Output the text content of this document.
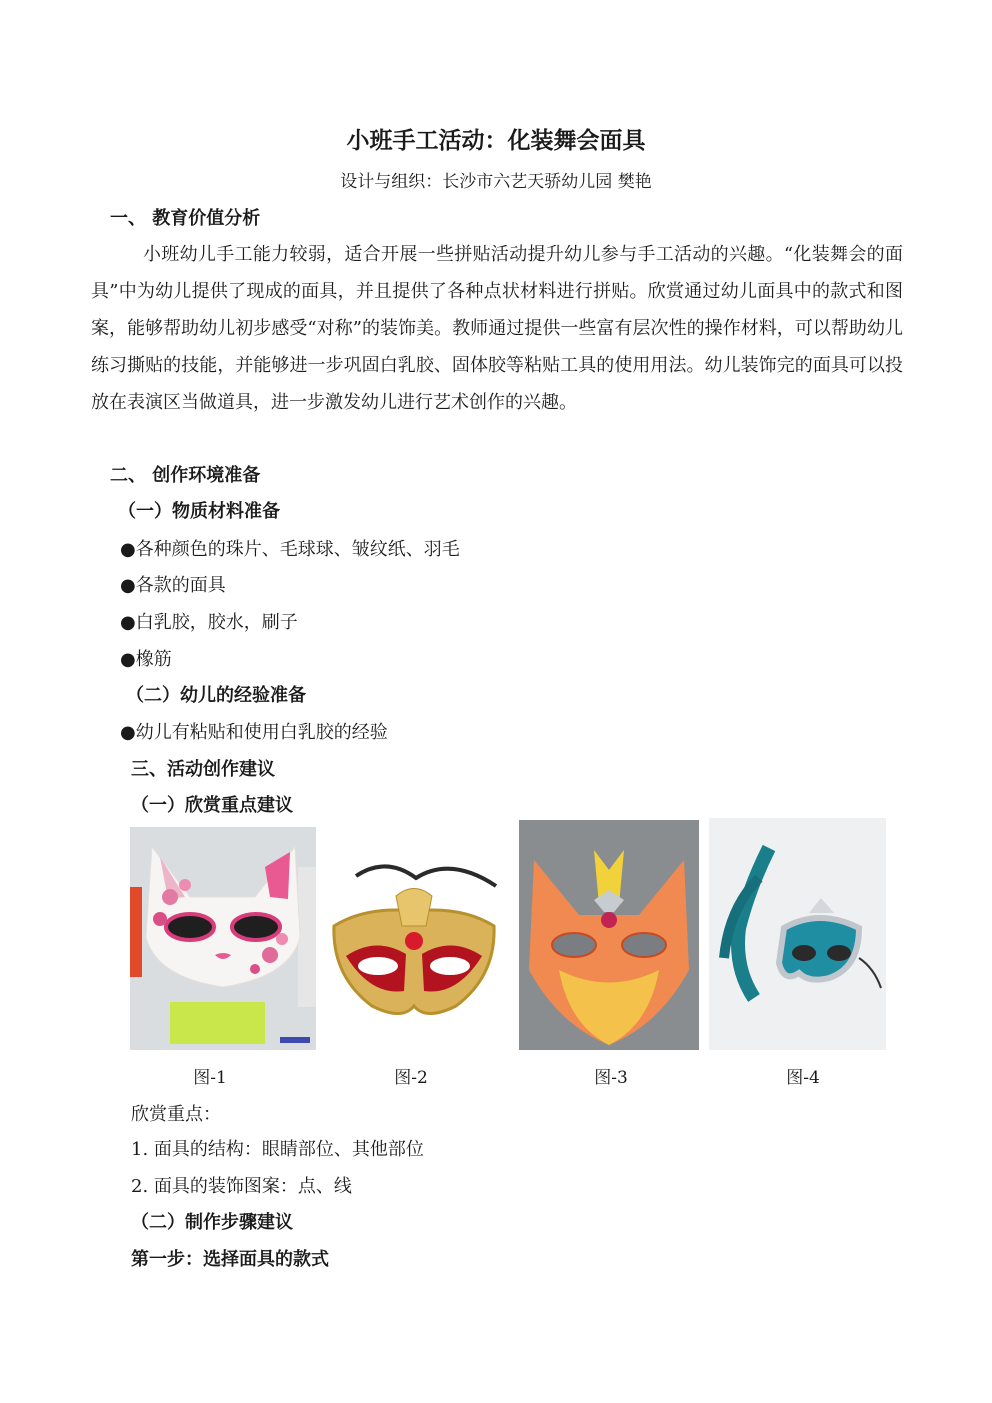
小班手工活动：化装舞会面具
设计与组织：长沙市六艺天骄幼儿园 樊艳
一、 教育价值分析
小班幼儿手工能力较弱，适合开展一些拼贴活动提升幼儿参与手工活动的兴趣。“化装舞会的面具”中为幼儿提供了现成的面具，并且提供了各种点状材料进行拼贴。欣赏通过幼儿面具中的款式和图案，能够帮助幼儿初步感受“对称”的装饰美。教师通过提供一些富有层次性的操作材料，可以帮助幼儿练习撕贴的技能，并能够进一步巩固白乳胶、固体胶等粘贴工具的使用用法。幼儿装饰完的面具可以投放在表演区当做道具，进一步激发幼儿进行艺术创作的兴趣。
二、 创作环境准备
（一）物质材料准备
●各种颜色的珠片、毛球球、皱纹纸、羽毛
●各款的面具
●白乳胶，胶水，刷子
●橡筋
（二）幼儿的经验准备
●幼儿有粘贴和使用白乳胶的经验
三、活动创作建议
（一）欣赏重点建议
图-1	图-2	图-3	图-4
欣赏重点：
1. 面具的结构：眼睛部位、其他部位
2. 面具的装饰图案：点、线
（二）制作步骤建议
第一步：选择面具的款式
